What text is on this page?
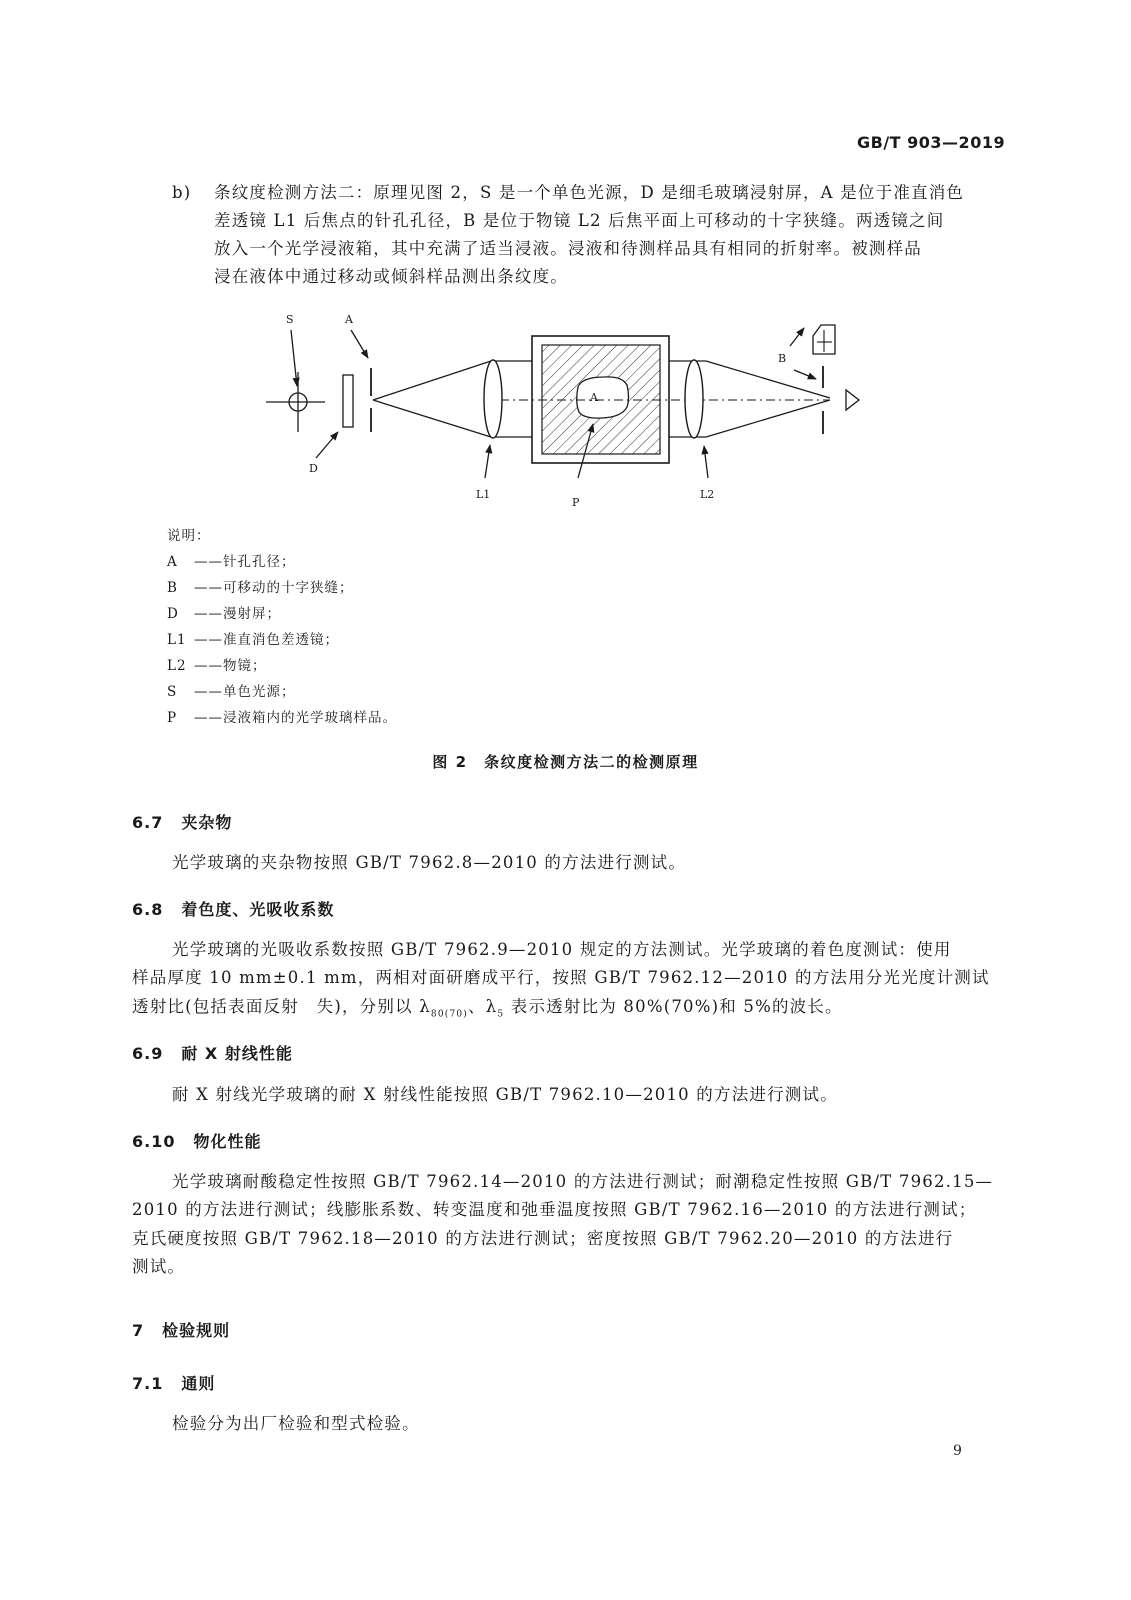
GB/T 903—2019
b) 条纹度检测方法二：原理见图 2，S 是一个单色光源，D 是细毛玻璃浸射屏，A 是位于准直消色
差透镜 L1 后焦点的针孔孔径，B 是位于物镜 L2 后焦平面上可移动的十字狭缝。两透镜之间
放入一个光学浸液箱，其中充满了适当浸液。浸液和待测样品具有相同的折射率。被测样品
浸在液体中通过移动或倾斜样品测出条纹度。
S	A
D
B
A
L1
P
L2
说明：
A ——针孔孔径；
B ——可移动的十字狭缝；
D ——漫射屏；
L1 ——准直消色差透镜；
L2 ——物镜；
S ——单色光源；
P ——浸液箱内的光学玻璃样品。
图 2　条纹度检测方法二的检测原理
6.7 夹杂物
光学玻璃的夹杂物按照 GB/T 7962.8—2010 的方法进行测试。
6.8 着色度、光吸收系数
光学玻璃的光吸收系数按照 GB/T 7962.9—2010 规定的方法测试。光学玻璃的着色度测试：使用
样品厚度 10 mm±0.1 mm，两相对面研磨成平行，按照 GB/T 7962.12—2010 的方法用分光光度计测试
透射比(包括表面反射　失)，分别以 $\lambda_{80(70)}$、$\lambda_5$ 表示透射比为 80%(70%)和 5%的波长。
6.9 耐 X 射线性能
耐 X 射线光学玻璃的耐 X 射线性能按照 GB/T 7962.10—2010 的方法进行测试。
6.10 物化性能
光学玻璃耐酸稳定性按照 GB/T 7962.14—2010 的方法进行测试；耐潮稳定性按照 GB/T 7962.15—
2010 的方法进行测试；线膨胀系数、转变温度和弛垂温度按照 GB/T 7962.16—2010 的方法进行测试；
克氏硬度按照 GB/T 7962.18—2010 的方法进行测试；密度按照 GB/T 7962.20—2010 的方法进行
测试。
7 检验规则
7.1 通则
检验分为出厂检验和型式检验。
9
